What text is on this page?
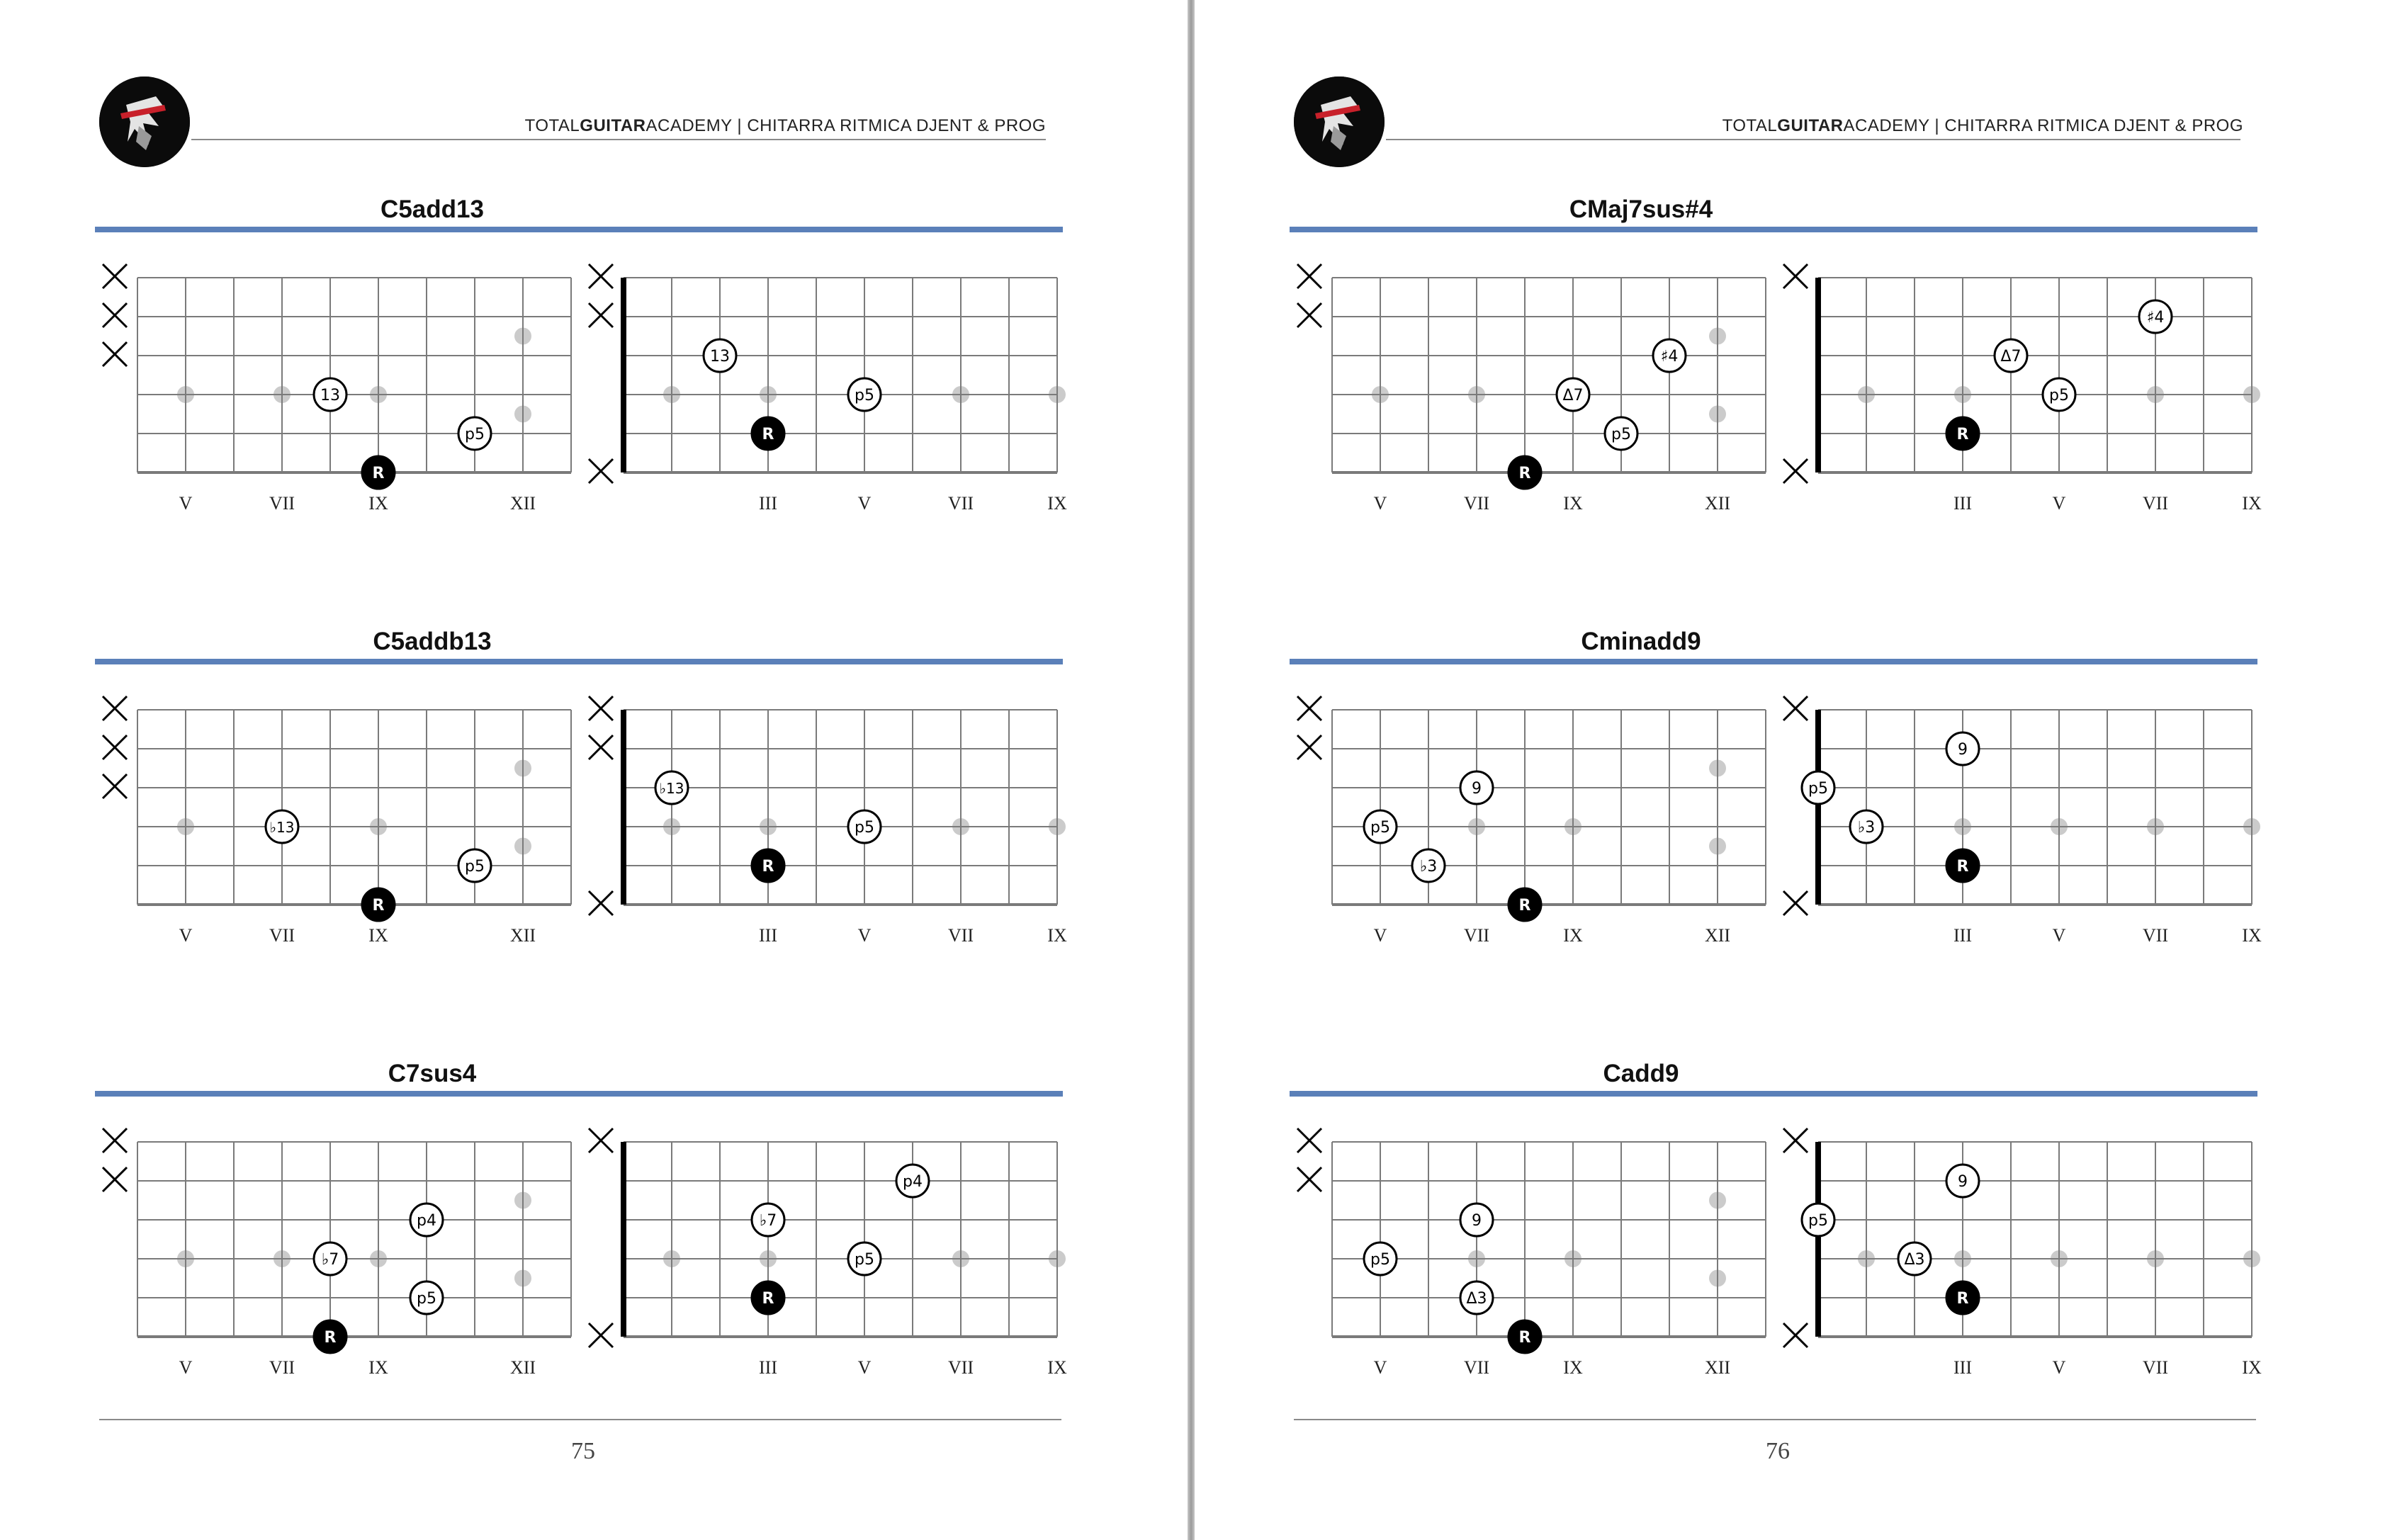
TOTALGUITARACADEMY | CHITARRA RITMICA DJENT & PROG
C5add13
13
p5
R
V	VII	IX	XII
13
p5
R
III	V	VII	IX
C5addb13
♭13
p5
R
V	VII	IX	XII
♭13
p5
R
III	V	VII	IX
C7sus4
p4
♭7
p5
R
V	VII	IX	XII
p4
♭7
p5
R
III	V	VII	IX
75
TOTALGUITARACADEMY | CHITARRA RITMICA DJENT & PROG
CMaj7sus#4
♯4
Δ7
p5
R
V	VII	IX	XII
♯4
Δ7
p5
R
III	V	VII	IX
Cminadd9
9
p5
♭3
R
V	VII	IX	XII
9
p5
♭3
R
III	V	VII	IX
Cadd9
9
p5
Δ3
R
V	VII	IX	XII
9
p5
Δ3
R
III	V	VII	IX
76
